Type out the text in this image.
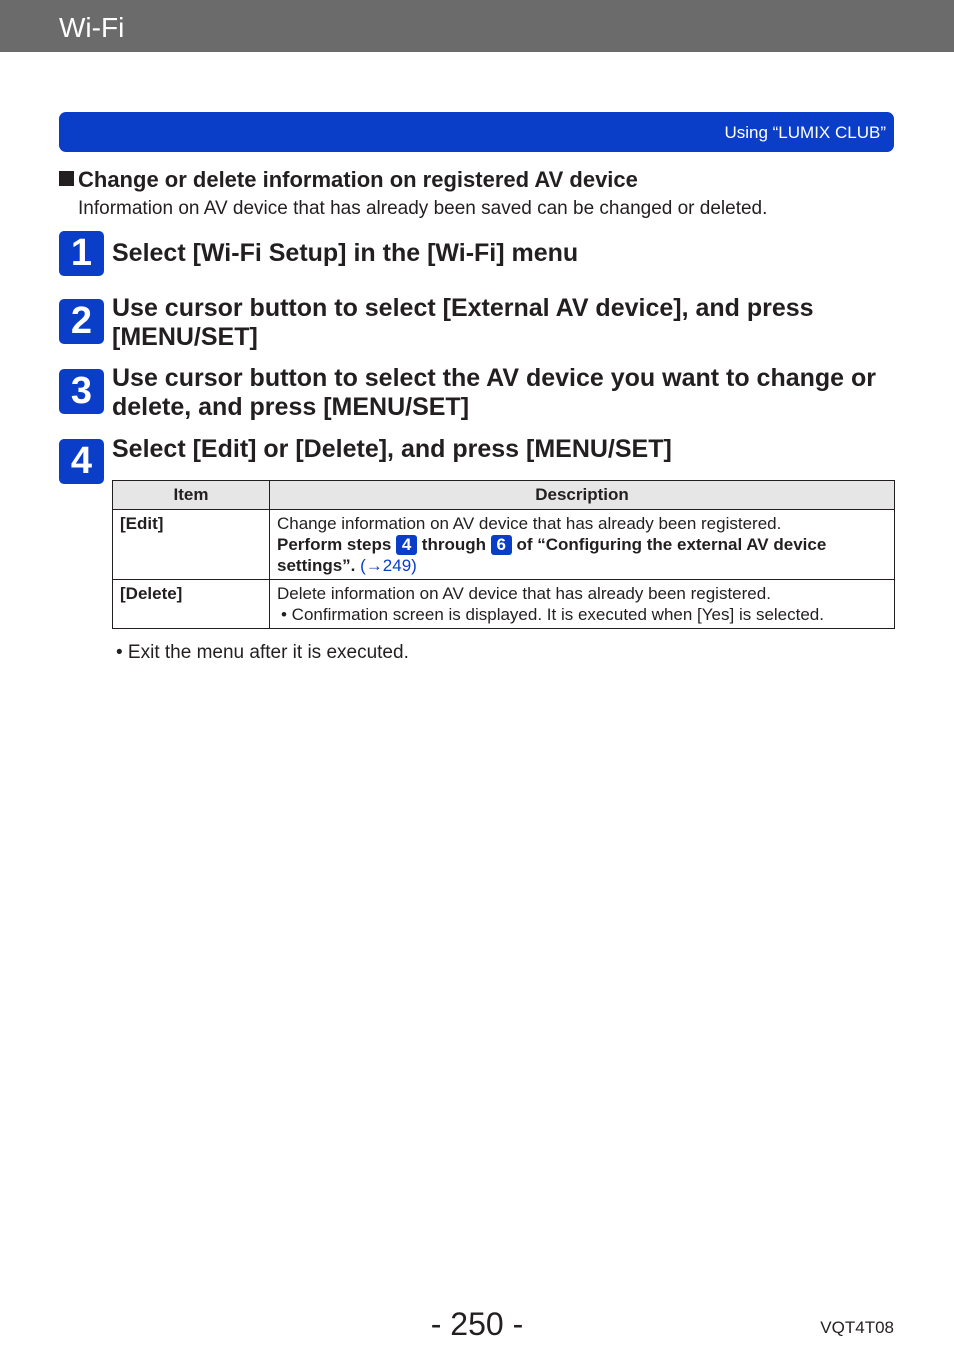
Wi-Fi
Using “LUMIX CLUB”
Change or delete information on registered AV device
Information on AV device that has already been saved can be changed or deleted.
1 Select [Wi-Fi Setup] in the [Wi-Fi] menu
2 Use cursor button to select [External AV device], and press [MENU/SET]
3 Use cursor button to select the AV device you want to change or delete, and press [MENU/SET]
4 Select [Edit] or [Delete], and press [MENU/SET]
Item	Description
[Edit]	Change information on AV device that has already been registered.
Perform steps 4 through 6 of “Configuring the external AV device settings”. (→249)

[Delete]	Delete information on AV device that has already been registered.
• Confirmation screen is displayed. It is executed when [Yes] is selected.
• Exit the menu after it is executed.
- 250 -	VQT4T08
